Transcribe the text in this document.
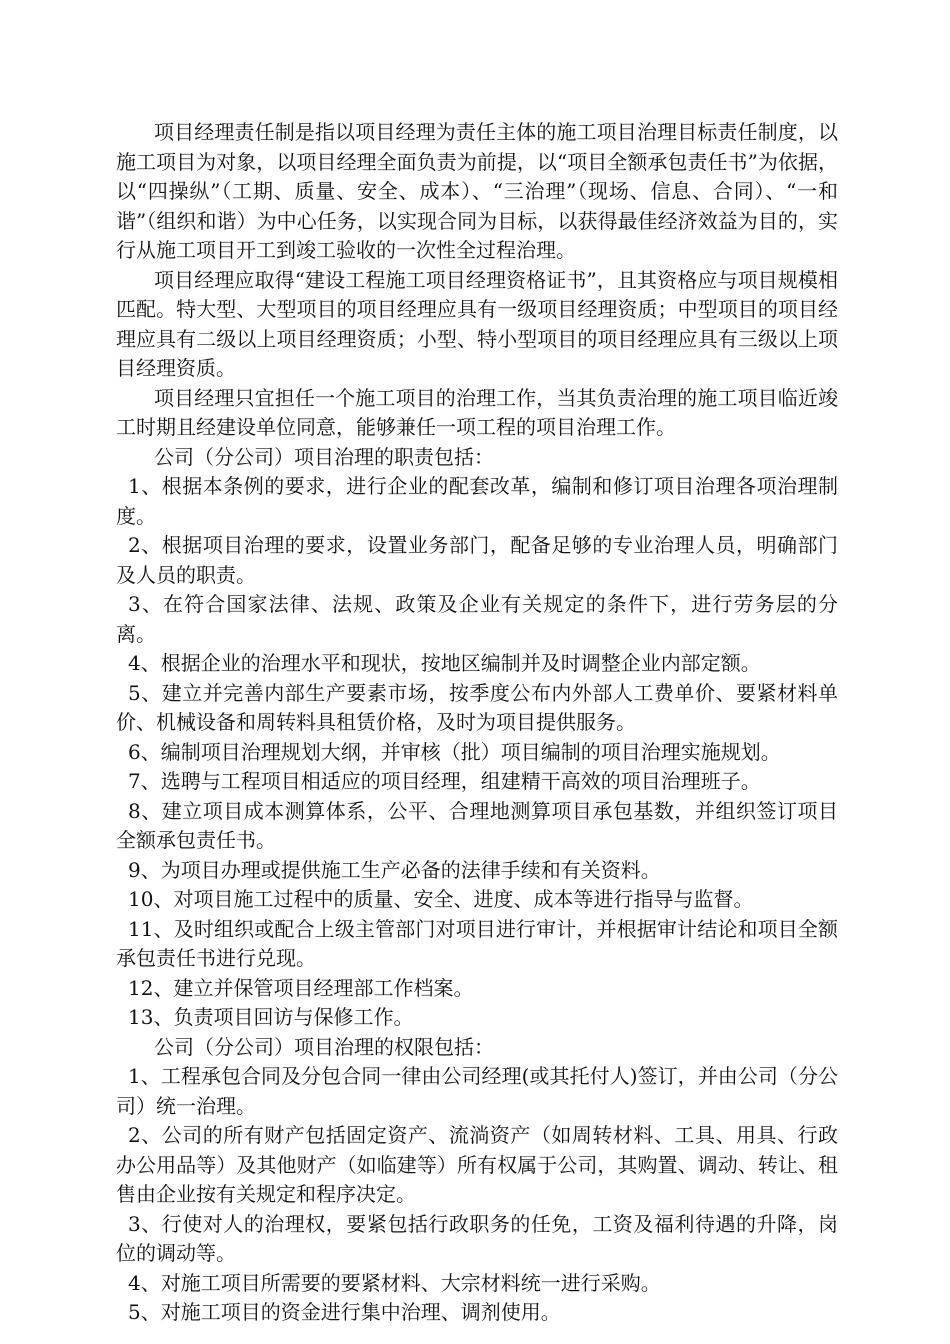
项目经理责任制是指以项目经理为责任主体的施工项目治理目标责任制度，以施工项目为对象，以项目经理全面负责为前提，以“项目全额承包责任书”为依据，以“四操纵”（工期、质量、安全、成本）、“三治理”（现场、信息、合同）、“一和谐”（组织和谐）为中心任务，以实现合同为目标，以获得最佳经济效益为目的，实行从施工项目开工到竣工验收的一次性全过程治理。

项目经理应取得“建设工程施工项目经理资格证书”，且其资格应与项目规模相匹配。特大型、大型项目的项目经理应具有一级项目经理资质；中型项目的项目经理应具有二级以上项目经理资质；小型、特小型项目的项目经理应具有三级以上项目经理资质。

项目经理只宜担任一个施工项目的治理工作，当其负责治理的施工项目临近竣工时期且经建设单位同意，能够兼任一项工程的项目治理工作。

公司（分公司）项目治理的职责包括：

1、根据本条例的要求，进行企业的配套改革，编制和修订项目治理各项治理制度。

2、根据项目治理的要求，设置业务部门，配备足够的专业治理人员，明确部门及人员的职责。

3、在符合国家法律、法规、政策及企业有关规定的条件下，进行劳务层的分离。

4、根据企业的治理水平和现状，按地区编制并及时调整企业内部定额。

5、建立并完善内部生产要素市场，按季度公布内外部人工费单价、要紧材料单价、机械设备和周转料具租赁价格，及时为项目提供服务。

6、编制项目治理规划大纲，并审核（批）项目编制的项目治理实施规划。

7、选聘与工程项目相适应的项目经理，组建精干高效的项目治理班子。

8、建立项目成本测算体系，公平、合理地测算项目承包基数，并组织签订项目全额承包责任书。

9、为项目办理或提供施工生产必备的法律手续和有关资料。

10、对项目施工过程中的质量、安全、进度、成本等进行指导与监督。

11、及时组织或配合上级主管部门对项目进行审计，并根据审计结论和项目全额承包责任书进行兑现。

12、建立并保管项目经理部工作档案。

13、负责项目回访与保修工作。

公司（分公司）项目治理的权限包括：

1、工程承包合同及分包合同一律由公司经理(或其托付人)签订，并由公司（分公司）统一治理。

2、公司的所有财产包括固定资产、流淌资产（如周转材料、工具、用具、行政办公用品等）及其他财产（如临建等）所有权属于公司，其购置、调动、转让、租售由企业按有关规定和程序决定。

3、行使对人的治理权，要紧包括行政职务的任免，工资及福利待遇的升降，岗位的调动等。

4、对施工项目所需要的要紧材料、大宗材料统一进行采购。

5、对施工项目的资金进行集中治理、调剂使用。
